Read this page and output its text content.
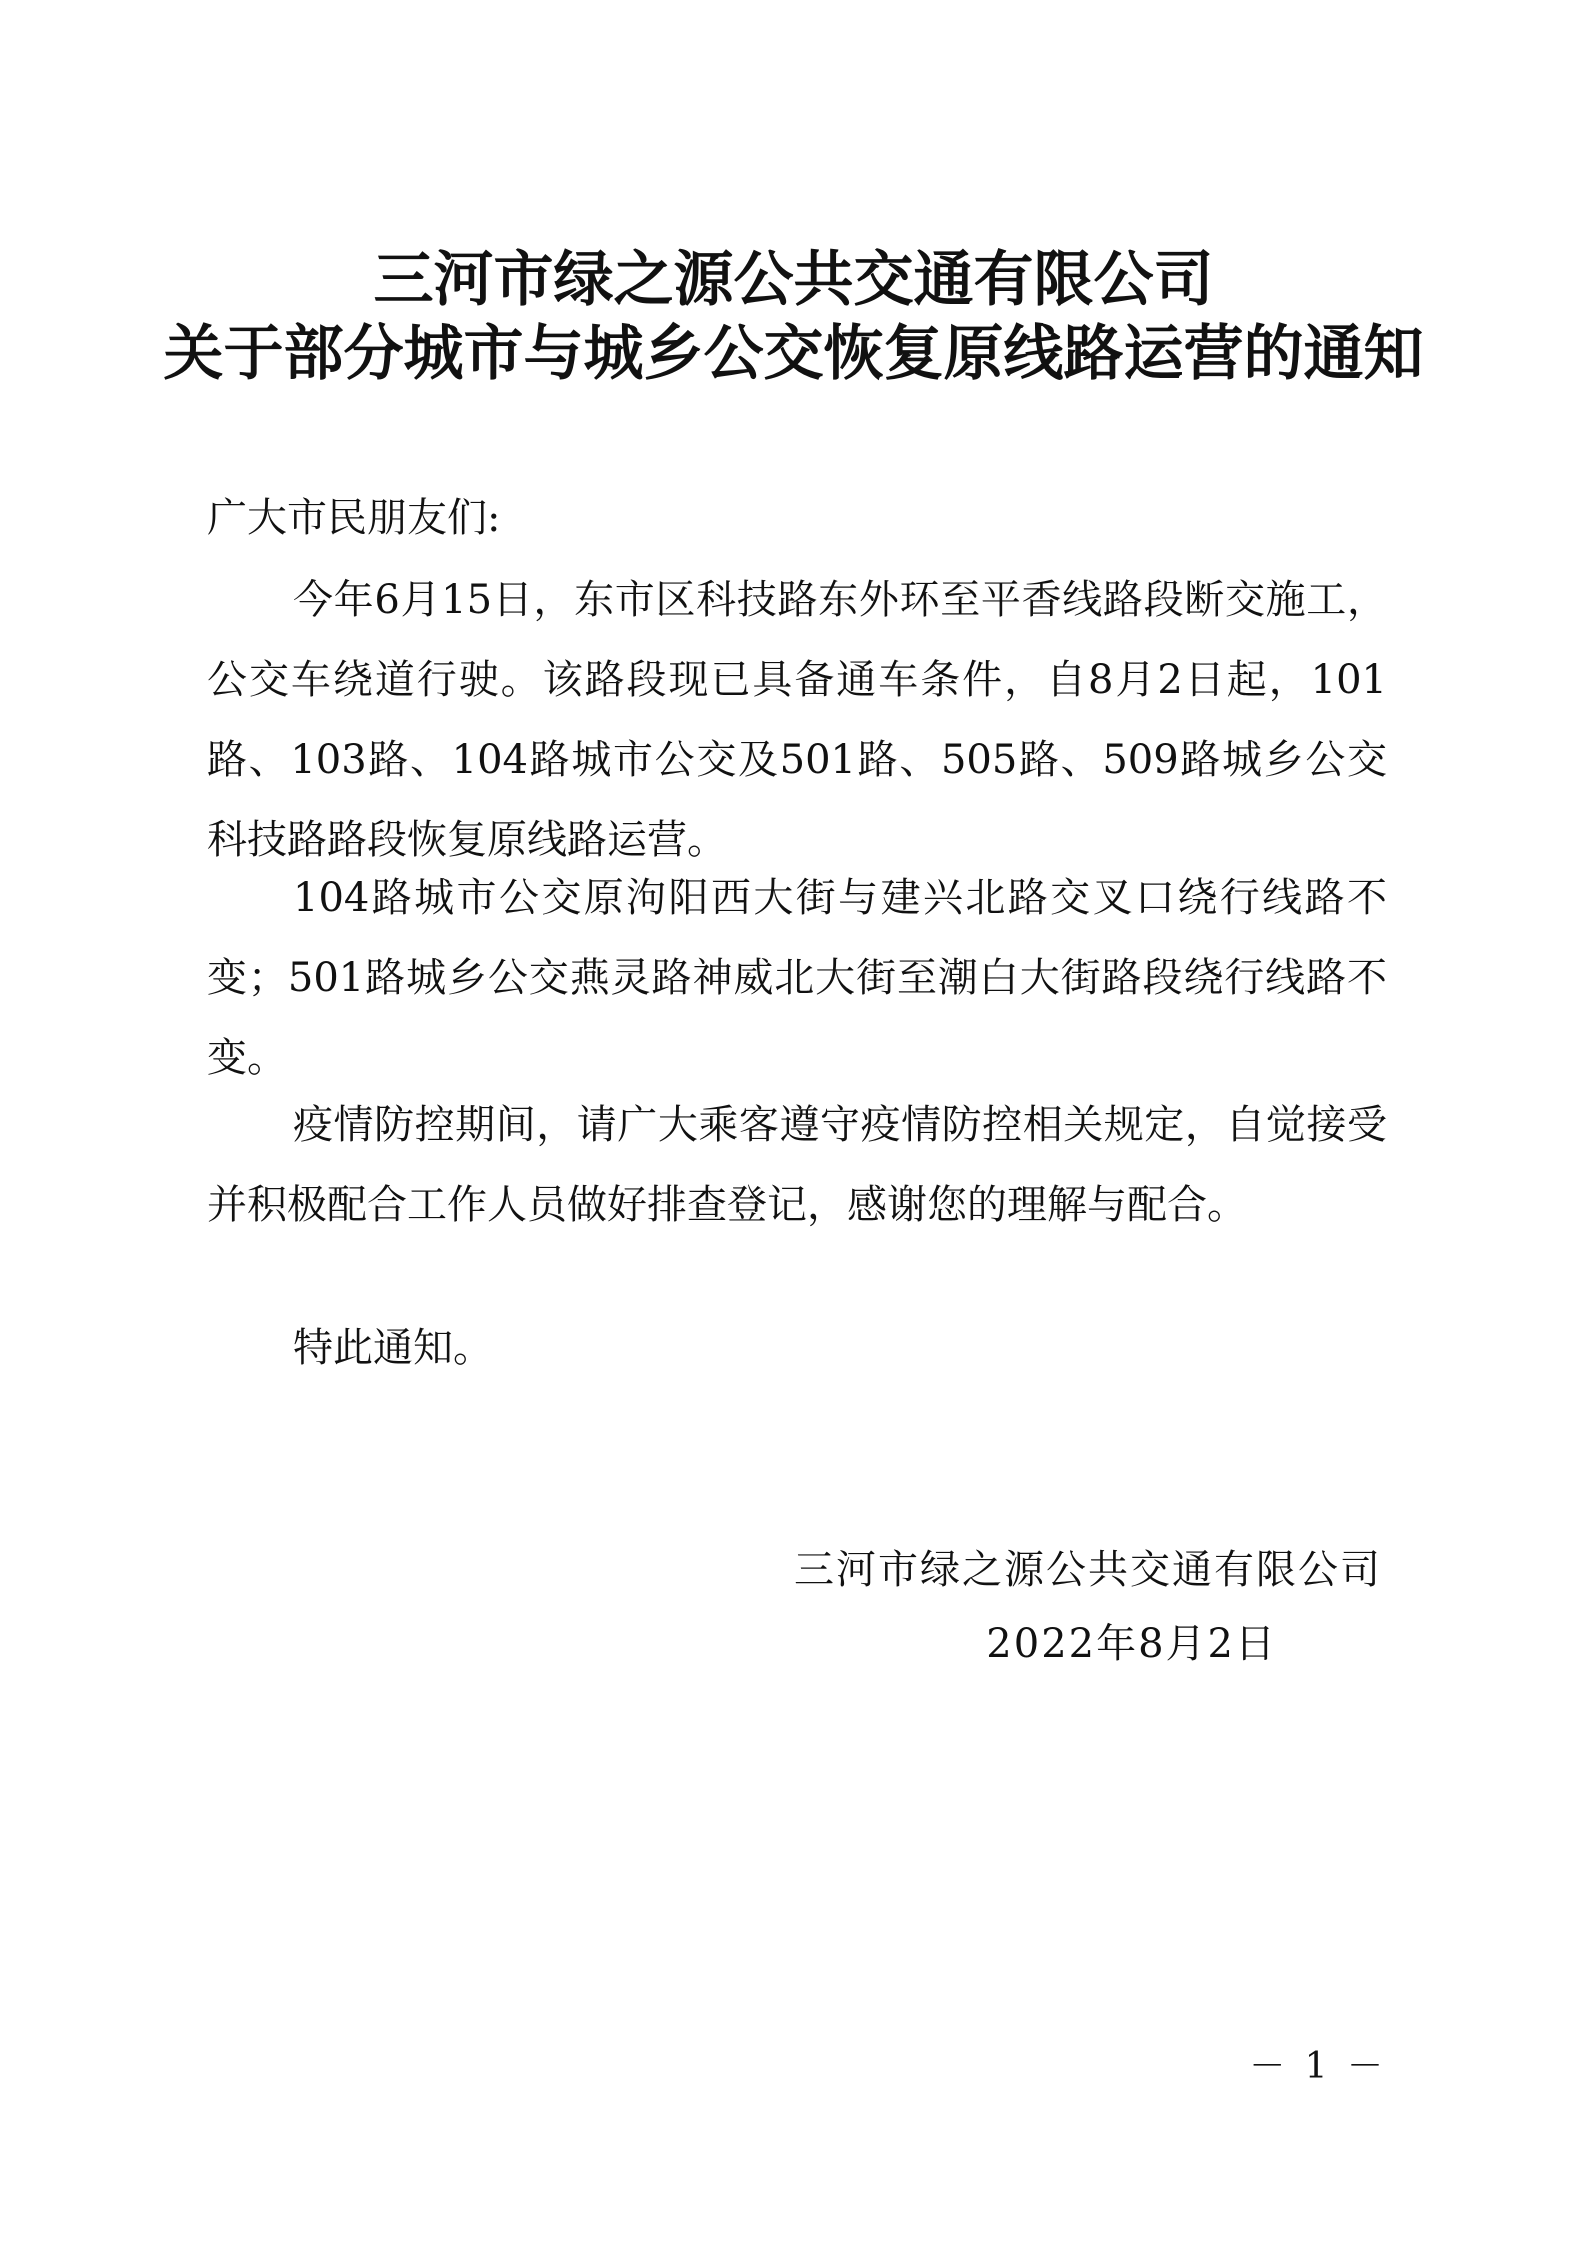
三河市绿之源公共交通有限公司
关于部分城市与城乡公交恢复原线路运营的通知
广大市民朋友们:
今年6月15日，东市区科技路东外环至平香线路段断交施工，公交车绕道行驶。该路段现已具备通车条件，自8月2日起，101路、103路、104路城市公交及501路、505路、509路城乡公交科技路路段恢复原线路运营。
104路城市公交原泃阳西大街与建兴北路交叉口绕行线路不变；501路城乡公交燕灵路神威北大街至潮白大街路段绕行线路不变。
疫情防控期间，请广大乘客遵守疫情防控相关规定，自觉接受并积极配合工作人员做好排查登记，感谢您的理解与配合。
特此通知。
三河市绿之源公共交通有限公司
2022年8月2日
－ 1 －
